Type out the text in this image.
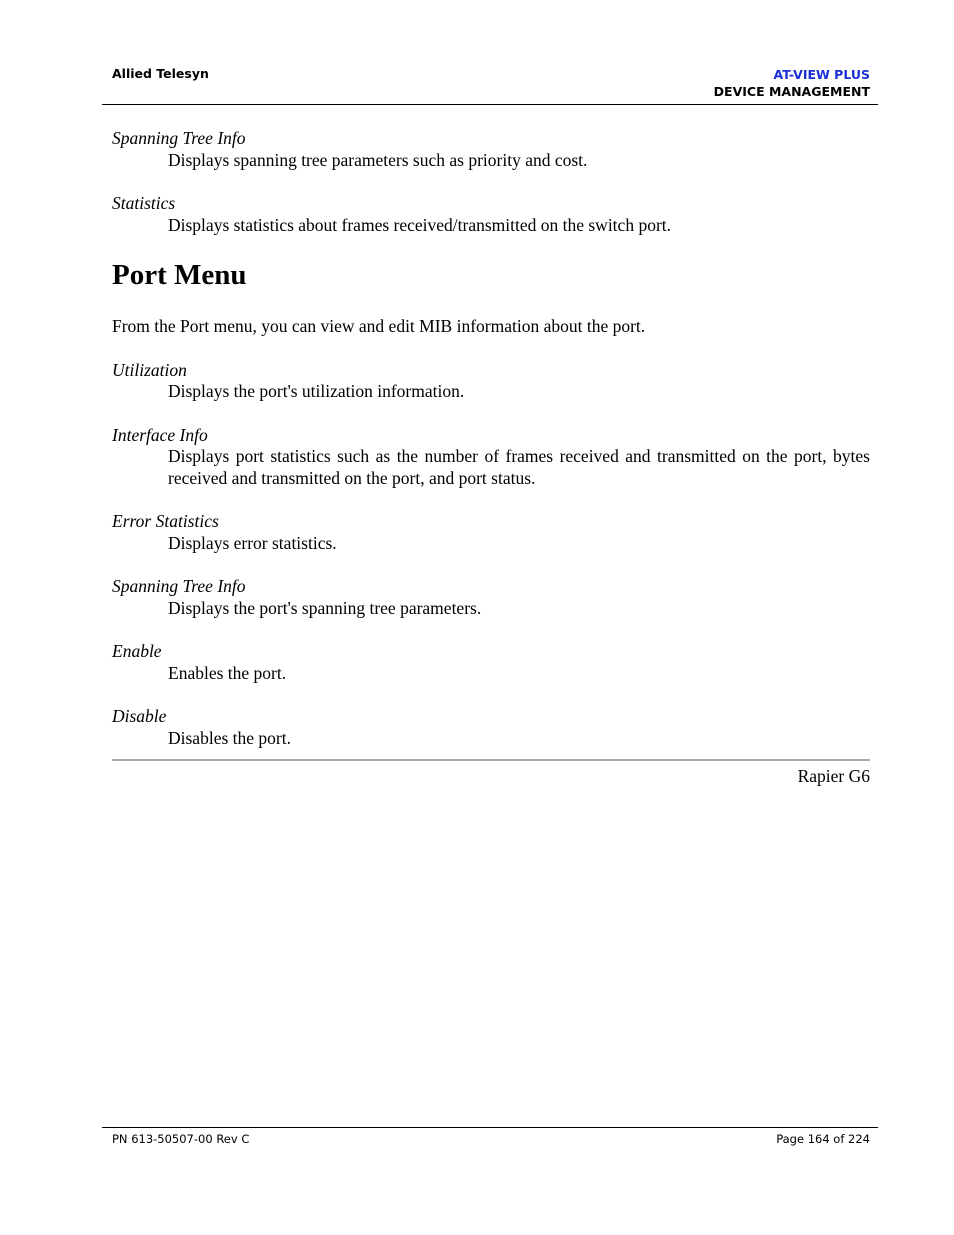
Allied Telesyn	AT-VIEW PLUS
DEVICE MANAGEMENT

Spanning Tree Info

Displays spanning tree parameters such as priority and cost.

Statistics

Displays statistics about frames received/transmitted on the switch port.

Port Menu

From the Port menu, you can view and edit MIB information about the port.

Utilization

Displays the port's utilization information.

Interface Info

Displays port statistics such as the number of frames received and transmitted on the port, bytes received and transmitted on the port, and port status.

Error Statistics

Displays error statistics.

Spanning Tree Info

Displays the port's spanning tree parameters.

Enable

Enables the port.

Disable

Disables the port.

Rapier G6
PN 613-50507-00 Rev C	Page 164 of 224
